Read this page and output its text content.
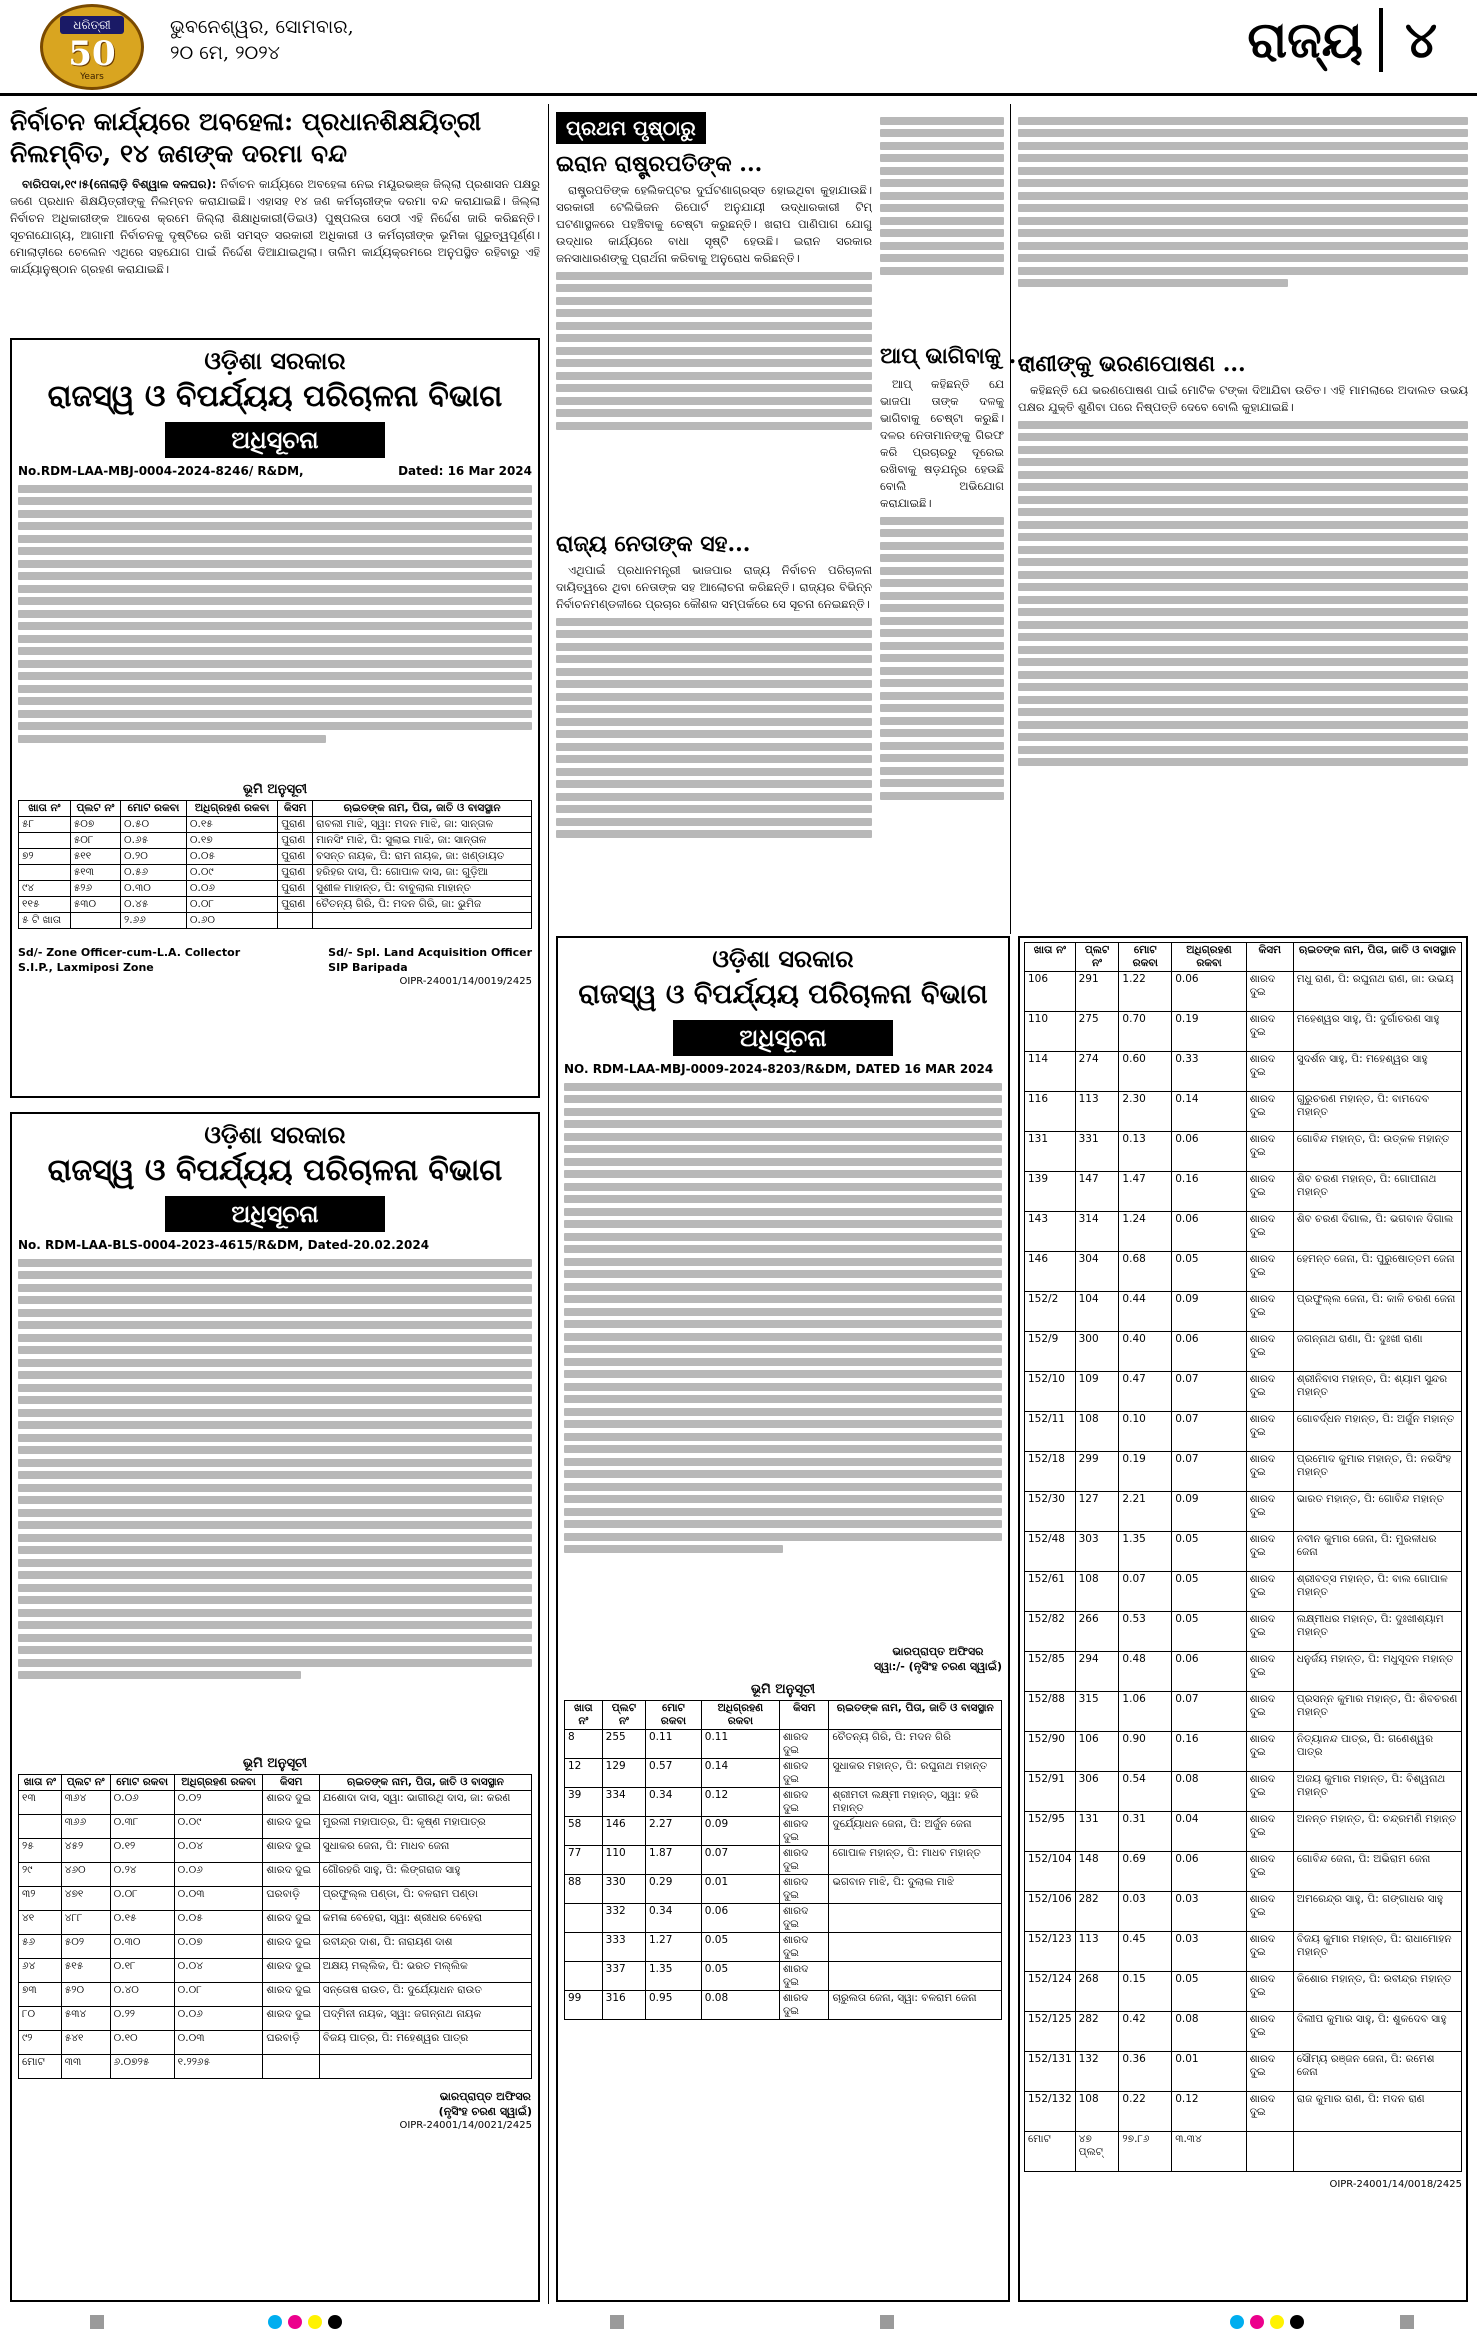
ଧରିତ୍ରୀ
50
Years
ଭୁବନେଶ୍ୱର, ସୋମବାର,
୨୦ ମେ, ୨୦୨୪	ରାଜ୍ୟ ୪
ନିର୍ବାଚନ କାର୍ଯ୍ୟରେ ଅବହେଳା: ପ୍ରଧାନଶିକ୍ଷୟିତ୍ରୀ ନିଲମ୍ବିତ, ୧୪ ଜଣଙ୍କ ଦରମା ବନ୍ଦ

ବାରିପଦା,୧୯।୫(ନୋଲାଡ଼ି ବିଶ୍ୱାଳ ଦଳଘର): ନିର୍ବାଚନ କାର୍ଯ୍ୟରେ ଅବହେଳା ନେଇ ମୟୂରଭଞ୍ଜ ଜିଲ୍ଲା ପ୍ରଶାସନ ପକ୍ଷରୁ ଜଣେ ପ୍ରଧାନ ଶିକ୍ଷୟିତ୍ରୀଙ୍କୁ ନିଲମ୍ବନ କରାଯାଇଛି। ଏହାସହ ୧୪ ଜଣ କର୍ମଚାରୀଙ୍କ ଦରମା ବନ୍ଦ କରାଯାଇଛି। ଜିଲ୍ଲା ନିର୍ବାଚନ ଅଧିକାରୀଙ୍କ ଆଦେଶ କ୍ରମେ ଜିଲ୍ଲା ଶିକ୍ଷାଧିକାରୀ(ଡିଇଓ) ପୁଷ୍ପଲତା ସେଠୀ ଏହି ନିର୍ଦ୍ଦେଶ ଜାରି କରିଛନ୍ତି। ସୂଚନାଯୋଗ୍ୟ, ଆଗାମୀ ନିର୍ବାଚନକୁ ଦୃଷ୍ଟିରେ ରଖି ସମସ୍ତ ସରକାରୀ ଅଧିକାରୀ ଓ କର୍ମଚାରୀଙ୍କ ଭୂମିକା ଗୁରୁତ୍ୱପୂର୍ଣ୍ଣ। ମୋଲାଡ଼ୀରେ ଚେଲେନ ଏଥିରେ ସହଯୋଗ ପାଇଁ ନିର୍ଦ୍ଦେଶ ଦିଆଯାଇଥିଲା। ତାଲିମ କାର୍ଯ୍ୟକ୍ରମରେ ଅନୁପସ୍ଥିତ ରହିବାରୁ ଏହି କାର୍ଯ୍ୟାନୁଷ୍ଠାନ ଗ୍ରହଣ କରାଯାଇଛି।

ଓଡ଼ିଶା ସରକାର
ରାଜସ୍ୱ ଓ ବିପର୍ଯ୍ୟୟ ପରିଚାଳନା ବିଭାଗ
ଅଧିସୂଚନା
No.RDM-LAA-MBJ-0004-2024-8246/ R&DM,	Dated: 16 Mar 2024
ଭୂମି ଅନୁସୂଚୀ
ଖାତା ନଂ	ପ୍ଲଟ ନଂ	ମୋଟ ରକବା	ଅଧିଗ୍ରହଣ ରକବା	କିସମ	ଋଇତଙ୍କ ନାମ, ପିତା, ଜାତି ଓ ବାସସ୍ଥାନ
୫୮	୫୦୭	୦.୫୦	୦.୧୫	ପୁରାଣ	ରାବଲୀ ମାଝି, ସ୍ୱା: ମଦନ ମାଝି, ଜା: ସାନ୍ତାଳ
	୫୦୮	୦.୬୫	୦.୧୭	ପୁରାଣ	ମାନସିଂ ମାଝି, ପି: ସୁଲାଇ ମାଝି, ଜା: ସାନ୍ତାଳ
୭୨	୫୧୧	୦.୨୦	୦.୦୫	ପୁରାଣ	ବସନ୍ତ ନାୟକ, ପି: ରାମ ନାୟକ, ଜା: ଖଣ୍ଡାୟତ
	୫୧୩	୦.୫୬	୦.୦୯	ପୁରାଣ	ହରିହର ଦାସ, ପି: ଗୋପାଳ ଦାସ, ଜା: ଗୁଡ଼ିଆ
୯୪	୫୨୬	୦.୩୦	୦.୦୬	ପୁରାଣ	ସୁଶୀଳ ମାହାନ୍ତ, ପି: ବାବୁଲାଲ ମାହାନ୍ତ
୧୧୫	୫୩୦	୦.୪୫	୦.୦୮	ପୁରାଣ	ଚୈତନ୍ୟ ଗିରି, ପି: ମଦନ ଗିରି, ଜା: ଭୁମିଜ
୫ ଟି ଖାତା		୨.୬୬	୦.୬୦		
Sd/- Zone Officer-cum-L.A. Collector
S.I.P., Laxmiposi Zone
Sd/- Spl. Land Acquisition Officer
SIP Baripada
OIPR-24001/14/0019/2425
ଓଡ଼ିଶା ସରକାର
ରାଜସ୍ୱ ଓ ବିପର୍ଯ୍ୟୟ ପରିଚାଳନା ବିଭାଗ
ଅଧିସୂଚନା
No. RDM-LAA-BLS-0004-2023-4615/R&DM, Dated-20.02.2024
ଭୂମି ଅନୁସୂଚୀ
ଖାତା ନଂ	ପ୍ଲଟ ନଂ	ମୋଟ ରକବା	ଅଧିଗ୍ରହଣ ରକବା	କିସମ	ଋଇତଙ୍କ ନାମ, ପିତା, ଜାତି ଓ ବାସସ୍ଥାନ
୧୩	୩୬୪	୦.୦୬	୦.୦୨	ଶାରଦ ଦୁଇ	ଯଶୋଦା ଦାସ, ସ୍ୱା: ଭାଗୀରଥି ଦାସ, ଜା: କରଣ
	୩୬୬	୦.୩୮	୦.୦୯	ଶାରଦ ଦୁଇ	ମୁରଲୀ ମହାପାତ୍ର, ପି: କୃଷ୍ଣ ମହାପାତ୍ର
୨୫	୪୫୨	୦.୧୨	୦.୦୪	ଶାରଦ ଦୁଇ	ସୁଧାକର ଜେନା, ପି: ମାଧବ ଜେନା
୨୯	୪୬୦	୦.୨୪	୦.୦୬	ଶାରଦ ଦୁଇ	ଗୌରହରି ସାହୁ, ପି: ଲିଙ୍ଗରାଜ ସାହୁ
୩୨	୪୭୧	୦.୦୮	୦.୦୩	ଘରବାଡ଼ି	ପ୍ରଫୁଲ୍ଲ ପଣ୍ଡା, ପି: ବଳରାମ ପଣ୍ଡା
୪୧	୪୮୮	୦.୧୫	୦.୦୫	ଶାରଦ ଦୁଇ	କମଳା ବେହେରା, ସ୍ୱା: ଶ୍ରୀଧର ବେହେରା
୫୬	୫୦୨	୦.୩୦	୦.୦୭	ଶାରଦ ଦୁଇ	ରବୀନ୍ଦ୍ର ଦାଶ, ପି: ନାରାୟଣ ଦାଶ
୬୪	୫୧୫	୦.୧୮	୦.୦୪	ଶାରଦ ଦୁଇ	ଅକ୍ଷୟ ମଲ୍ଲିକ, ପି: ଭରତ ମଲ୍ଲିକ
୭୩	୫୨୦	୦.୪୦	୦.୦୮	ଶାରଦ ଦୁଇ	ସନ୍ତୋଷ ରାଉତ, ପି: ଦୁର୍ଯ୍ୟୋଧନ ରାଉତ
୮୦	୫୩୪	୦.୨୨	୦.୦୬	ଶାରଦ ଦୁଇ	ପଦ୍ମିନୀ ନାୟକ, ସ୍ୱା: ଜଗନ୍ନାଥ ନାୟକ
୯୨	୫୪୧	୦.୧୦	୦.୦୩	ଘରବାଡ଼ି	ବିଜୟ ପାତ୍ର, ପି: ମହେଶ୍ୱର ପାତ୍ର
ମୋଟ	୩୩	୬.୦୭୨୫	୧.୨୨୬୫		
ଭାରପ୍ରାପ୍ତ ଅଫିସର
(ନୃସିଂହ ଚରଣ ସ୍ୱାଇଁ)
OIPR-24001/14/0021/2425
ପ୍ରଥମ ପୃଷ୍ଠାରୁ
ଇରାନ ରାଷ୍ଟ୍ରପତିଙ୍କ ...

ରାଷ୍ଟ୍ରପତିଙ୍କ ହେଲିକପ୍ଟର ଦୁର୍ଘଟଣାଗ୍ରସ୍ତ ହୋଇଥିବା କୁହାଯାଉଛି। ସରକାରୀ ଟେଲିଭିଜନ ରିପୋର୍ଟ ଅନୁଯାୟୀ ଉଦ୍ଧାରକାରୀ ଟିମ୍ ଘଟଣାସ୍ଥଳରେ ପହଞ୍ଚିବାକୁ ଚେଷ୍ଟା କରୁଛନ୍ତି। ଖରାପ ପାଣିପାଗ ଯୋଗୁ ଉଦ୍ଧାର କାର୍ଯ୍ୟରେ ବାଧା ସୃଷ୍ଟି ହେଉଛି। ଇରାନ ସରକାର ଜନସାଧାରଣଙ୍କୁ ପ୍ରାର୍ଥନା କରିବାକୁ ଅନୁରୋଧ କରିଛନ୍ତି।

ରାଜ୍ୟ ନେତାଙ୍କ ସହ...

ଏଥିପାଇଁ ପ୍ରଧାନମନ୍ତ୍ରୀ ଭାଜପାର ରାଜ୍ୟ ନିର୍ବାଚନ ପରିଚାଳନା ଦାୟିତ୍ୱରେ ଥିବା ନେତାଙ୍କ ସହ ଆଲୋଚନା କରିଛନ୍ତି। ରାଜ୍ୟର ବିଭିନ୍ନ ନିର୍ବାଚନମଣ୍ଡଳୀରେ ପ୍ରଚାର କୌଶଳ ସମ୍ପର୍କରେ ସେ ସୂଚନା ନେଇଛନ୍ତି।

ଆପ୍ ଭାଗିବାକୁ ...

ଆପ୍ କହିଛନ୍ତି ଯେ ଭାଜପା ତାଙ୍କ ଦଳକୁ ଭାଗିବାକୁ ଚେଷ୍ଟା କରୁଛି। ଦଳର ନେତାମାନଙ୍କୁ ଗିରଫ କରି ପ୍ରଚାରରୁ ଦୂରେଇ ରଖିବାକୁ ଷଡ଼ଯନ୍ତ୍ର ହେଉଛି ବୋଲି ଅଭିଯୋଗ କରାଯାଇଛି।

ରାଣୀଙ୍କୁ ଭରଣପୋଷଣ ...

କହିଛନ୍ତି ଯେ ଭରଣପୋଷଣ ପାଇଁ ମୋଟିକ ଟଙ୍କା ଦିଆଯିବା ଉଚିତ। ଏହି ମାମଲାରେ ଅଦାଲତ ଉଭୟ ପକ୍ଷର ଯୁକ୍ତି ଶୁଣିବା ପରେ ନିଷ୍ପତ୍ତି ଦେବେ ବୋଲି କୁହାଯାଇଛି।

ଓଡ଼ିଶା ସରକାର
ରାଜସ୍ୱ ଓ ବିପର୍ଯ୍ୟୟ ପରିଚାଳନା ବିଭାଗ
ଅଧିସୂଚନା
NO. RDM-LAA-MBJ-0009-2024-8203/R&DM, DATED 16 MAR 2024
ଭାରପ୍ରାପ୍ତ ଅଫିସର
ସ୍ୱା:/- (ନୃସିଂହ ଚରଣ ସ୍ୱାଇଁ)
ଭୂମି ଅନୁସୂଚୀ
ଖାତା ନଂ	ପ୍ଲଟ ନଂ	ମୋଟ ରକବା	ଅଧିଗ୍ରହଣ ରକବା	କିସମ	ଋଇତଙ୍କ ନାମ, ପିତା, ଜାତି ଓ ବାସସ୍ଥାନ
8	255	0.11	0.11	ଶାରଦ ଦୁଇ	ଚୈତନ୍ୟ ଗିରି, ପି: ମଦନ ଗିରି
12	129	0.57	0.14	ଶାରଦ ଦୁଇ	ସୁଧାକର ମହାନ୍ତ, ପି: ରଘୁନାଥ ମହାନ୍ତ
39	334	0.34	0.12	ଶାରଦ ଦୁଇ	ଶ୍ରୀମତୀ ଲକ୍ଷ୍ମୀ ମହାନ୍ତ, ସ୍ୱା: ହରି ମହାନ୍ତ
58	146	2.27	0.09	ଶାରଦ ଦୁଇ	ଦୁର୍ଯ୍ୟୋଧନ ଜେନା, ପି: ଅର୍ଜୁନ ଜେନା
77	110	1.87	0.07	ଶାରଦ ଦୁଇ	ଗୋପାଳ ମହାନ୍ତ, ପି: ମାଧବ ମହାନ୍ତ
88	330	0.29	0.01	ଶାରଦ ଦୁଇ	ଭଗବାନ ମାଝି, ପି: ଦୁଲାଲ ମାଝି
	332	0.34	0.06	ଶାରଦ ଦୁଇ	
	333	1.27	0.05	ଶାରଦ ଦୁଇ	
	337	1.35	0.05	ଶାରଦ ଦୁଇ	
99	316	0.95	0.08	ଶାରଦ ଦୁଇ	ଚାରୁଲତା ଜେନା, ସ୍ୱା: ବଳରାମ ଜେନା
ଖାତା ନଂ	ପ୍ଲଟ ନଂ	ମୋଟ ରକବା	ଅଧିଗ୍ରହଣ ରକବା	କିସମ	ଋଇତଙ୍କ ନାମ, ପିତା, ଜାତି ଓ ବାସସ୍ଥାନ
106	291	1.22	0.06	ଶାରଦ ଦୁଇ	ମଧୁ ରାଣ, ପି: ରଘୁନାଥ ରାଣ, ଜା: ଉଭୟ
110	275	0.70	0.19	ଶାରଦ ଦୁଇ	ମହେଶ୍ୱର ସାହୁ, ପି: ଦୁର୍ଗାଚରଣ ସାହୁ
114	274	0.60	0.33	ଶାରଦ ଦୁଇ	ସୁଦର୍ଶନ ସାହୁ, ପି: ମହେଶ୍ୱର ସାହୁ
116	113	2.30	0.14	ଶାରଦ ଦୁଇ	ଗୁରୁଚରଣ ମହାନ୍ତ, ପି: ବାମଦେବ ମହାନ୍ତ
131	331	0.13	0.06	ଶାରଦ ଦୁଇ	ଗୋବିନ୍ଦ ମହାନ୍ତ, ପି: ଉତ୍କଳ ମହାନ୍ତ
139	147	1.47	0.16	ଶାରଦ ଦୁଇ	ଶିବ ଚରଣ ମହାନ୍ତ, ପି: ଗୋପୀନାଥ ମହାନ୍ତ
143	314	1.24	0.06	ଶାରଦ ଦୁଇ	ଶିବ ଚରଣ ଦିଗାଲ, ପି: ଭଗବାନ ଦିଗାଲ
146	304	0.68	0.05	ଶାରଦ ଦୁଇ	ହେମନ୍ତ ଜେନା, ପି: ପୁରୁଷୋତ୍ତମ ଜେନା
152/2	104	0.44	0.09	ଶାରଦ ଦୁଇ	ପ୍ରଫୁଲ୍ଲ ଜେନା, ପି: କାଳି ଚରଣ ଜେନା
152/9	300	0.40	0.06	ଶାରଦ ଦୁଇ	ଜଗନ୍ନାଥ ରାଣା, ପି: ଦୁଃଖୀ ରାଣା
152/10	109	0.47	0.07	ଶାରଦ ଦୁଇ	ଶ୍ରୀନିବାସ ମହାନ୍ତ, ପି: ଶ୍ୟାମ ସୁନ୍ଦର ମହାନ୍ତ
152/11	108	0.10	0.07	ଶାରଦ ଦୁଇ	ଗୋବର୍ଦ୍ଧନ ମହାନ୍ତ, ପି: ଅର୍ଜୁନ ମହାନ୍ତ
152/18	299	0.19	0.07	ଶାରଦ ଦୁଇ	ପ୍ରମୋଦ କୁମାର ମହାନ୍ତ, ପି: ନରସିଂହ ମହାନ୍ତ
152/30	127	2.21	0.09	ଶାରଦ ଦୁଇ	ଭାରତ ମହାନ୍ତ, ପି: ଗୋବିନ୍ଦ ମହାନ୍ତ
152/48	303	1.35	0.05	ଶାରଦ ଦୁଇ	ନବୀନ କୁମାର ଜେନା, ପି: ମୁରଳୀଧର ଜେନା
152/61	108	0.07	0.05	ଶାରଦ ଦୁଇ	ଶ୍ରୀବତ୍ସ ମହାନ୍ତ, ପି: ବାଲ ଗୋପାଳ ମହାନ୍ତ
152/82	266	0.53	0.05	ଶାରଦ ଦୁଇ	ଲକ୍ଷ୍ମୀଧର ମହାନ୍ତ, ପି: ଦୁଃଖୀଶ୍ୟାମ ମହାନ୍ତ
152/85	294	0.48	0.06	ଶାରଦ ଦୁଇ	ଧନୁର୍ଜୟ ମହାନ୍ତ, ପି: ମଧୁସୂଦନ ମହାନ୍ତ
152/88	315	1.06	0.07	ଶାରଦ ଦୁଇ	ପ୍ରସନ୍ନ କୁମାର ମହାନ୍ତ, ପି: ଶିବଚରଣ ମହାନ୍ତ
152/90	106	0.90	0.16	ଶାରଦ ଦୁଇ	ନିତ୍ୟାନନ୍ଦ ପାତ୍ର, ପି: ଗଣେଶ୍ୱର ପାତ୍ର
152/91	306	0.54	0.08	ଶାରଦ ଦୁଇ	ଅଜୟ କୁମାର ମହାନ୍ତ, ପି: ବିଶ୍ୱନାଥ ମହାନ୍ତ
152/95	131	0.31	0.04	ଶାରଦ ଦୁଇ	ଅନନ୍ତ ମହାନ୍ତ, ପି: ଚନ୍ଦ୍ରମଣି ମହାନ୍ତ
152/104	148	0.69	0.06	ଶାରଦ ଦୁଇ	ଗୋବିନ୍ଦ ଜେନା, ପି: ଅଭିରାମ ଜେନା
152/106	282	0.03	0.03	ଶାରଦ ଦୁଇ	ଅମରେନ୍ଦ୍ର ସାହୁ, ପି: ଗଙ୍ଗାଧର ସାହୁ
152/123	113	0.45	0.03	ଶାରଦ ଦୁଇ	ବିଜୟ କୁମାର ମହାନ୍ତ, ପି: ରାଧାମୋହନ ମହାନ୍ତ
152/124	268	0.15	0.05	ଶାରଦ ଦୁଇ	କିଶୋର ମହାନ୍ତ, ପି: ରବୀନ୍ଦ୍ର ମହାନ୍ତ
152/125	282	0.42	0.08	ଶାରଦ ଦୁଇ	ଦିଲୀପ କୁମାର ସାହୁ, ପି: ଶୁକଦେବ ସାହୁ
152/131	132	0.36	0.01	ଶାରଦ ଦୁଇ	ସୌମ୍ୟ ରଞ୍ଜନ ଜେନା, ପି: ରମେଶ ଜେନା
152/132	108	0.22	0.12	ଶାରଦ ଦୁଇ	ରାଜ କୁମାର ରାଣ, ପି: ମଦନ ରାଣ
ମୋଟ	୪୭ ପ୍ଲଟ୍	୨୭.୮୬	୩.୩୪		
OIPR-24001/14/0018/2425
